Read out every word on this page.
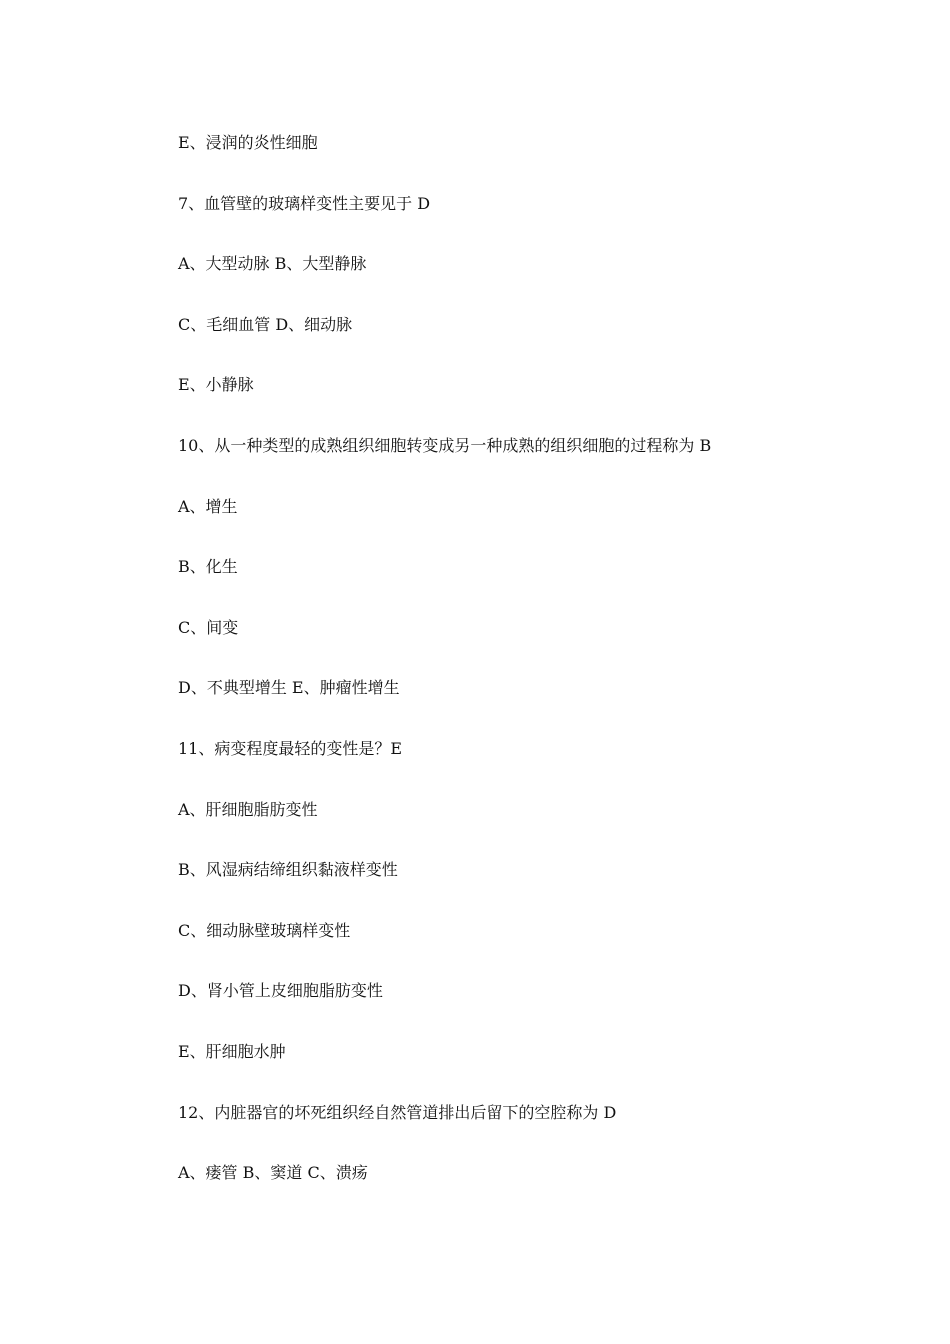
E、浸润的炎性细胞
7、血管壁的玻璃样变性主要见于 D
A、大型动脉 B、大型静脉
C、毛细血管 D、细动脉
E、小静脉
10、从一种类型的成熟组织细胞转变成另一种成熟的组织细胞的过程称为 B
A、增生
B、化生
C、间变
D、不典型增生 E、肿瘤性增生
11、病变程度最轻的变性是？E
A、肝细胞脂肪变性
B、风湿病结缔组织黏液样变性
C、细动脉壁玻璃样变性
D、肾小管上皮细胞脂肪变性
E、肝细胞水肿
12、内脏器官的坏死组织经自然管道排出后留下的空腔称为 D
A、瘘管 B、窦道 C、溃疡
